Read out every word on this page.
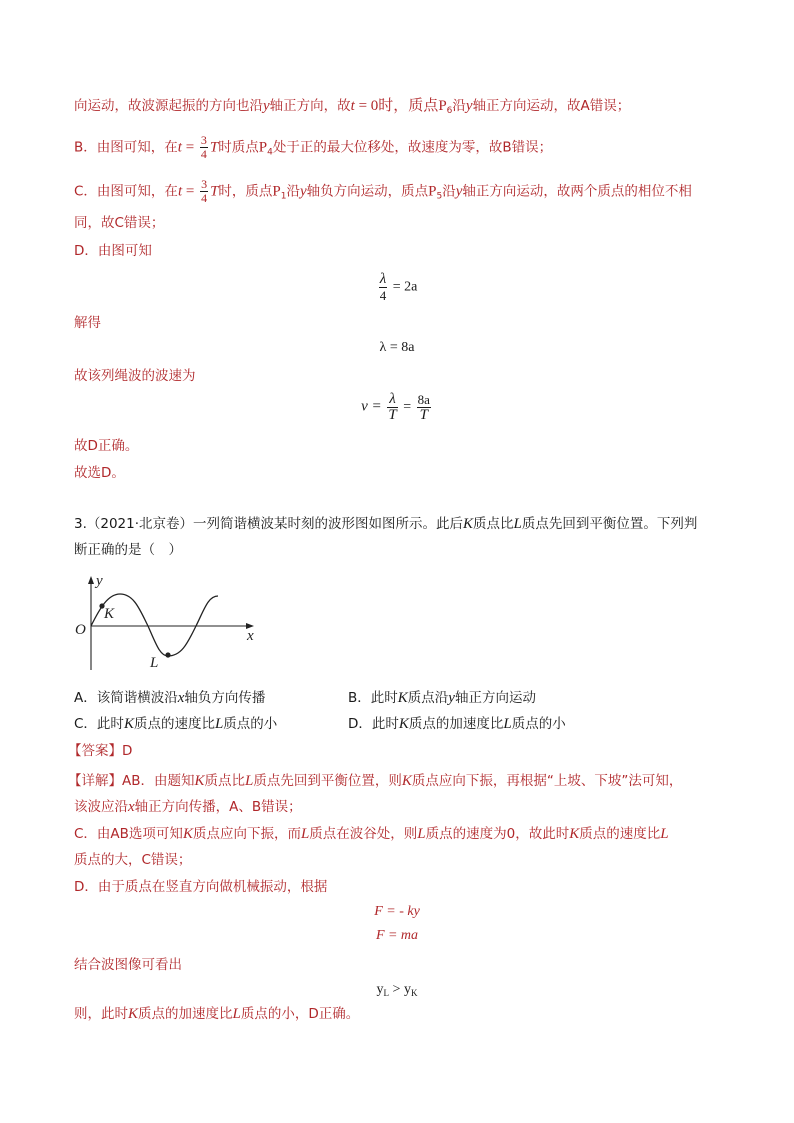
向运动，故波源起振的方向也沿y轴正方向，故t = 0时，质点$P_6$沿y轴正方向运动，故A错误；
B．由图可知，在$t = \frac{3}{4}$ T时质点$P_4$处于正的最大位移处，故速度为零，故B错误；
C．由图可知，在$t = \frac{3}{4}$ T时，质点$P_1$沿y轴负方向运动，质点$P_5$沿y轴正方向运动，故两个质点的相位不相
同，故C错误；
D．由图可知
$\frac{\lambda}{4} = 2a$
解得
λ = 8a
故该列绳波的波速为
$v = \frac{\lambda}{T} = \frac{8a}{T}$
故D正确。
故选D。
3.（2021·北京卷）一列简谐横波某时刻的波形图如图所示。此后K质点比L质点先回到平衡位置。下列判
断正确的是（　）
y
x
O
K
L
A．该简谐横波沿x轴负方向传播	B．此时K质点沿y轴正方向运动
C．此时K质点的速度比L质点的小	D．此时K质点的加速度比L质点的小
【答案】D
【详解】AB．由题知K质点比L质点先回到平衡位置，则K质点应向下振，再根据“上坡、下坡”法可知，
该波应沿x轴正方向传播，A、B错误；
C．由AB选项可知K质点应向下振，而L质点在波谷处，则L质点的速度为0，故此时K质点的速度比L
质点的大，C错误；
D．由于质点在竖直方向做机械振动，根据
F = - ky
F = ma
结合波图像可看出
$y_L > y_K$
则，此时K质点的加速度比L质点的小，D正确。
